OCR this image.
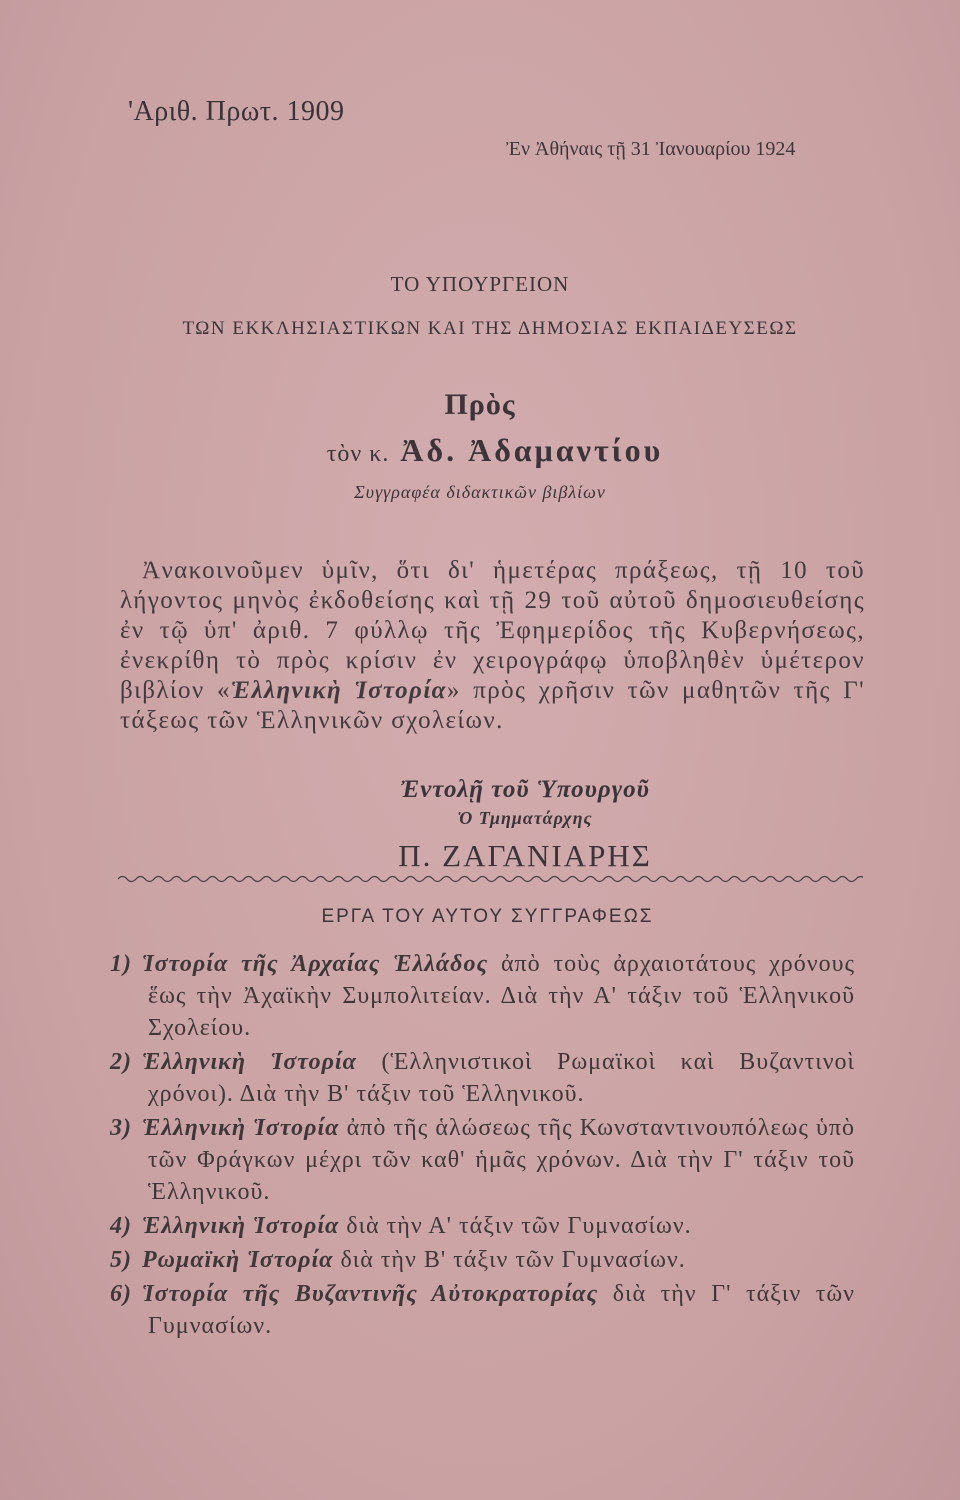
'Αριθ. Πρωτ. 1909
Ἐν Ἀθήναις τῇ 31 Ἰανουαρίου 1924
ΤΟ ΥΠΟΥΡΓΕΙΟΝ
ΤΩΝ ΕΚΚΛΗΣΙΑΣΤΙΚΩΝ ΚΑΙ ΤΗΣ ΔΗΜΟΣΙΑΣ ΕΚΠΑΙΔΕΥΣΕΩΣ
Πρὸς
τὸν κ. Ἀδ. Ἀδαμαντίου
Συγγραφέα διδακτικῶν βιβλίων

Ἀνακοινοῦμεν ὑμῖν, ὅτι δι' ἡμετέρας πράξεως, τῇ 10 τοῦ λήγοντος μηνὸς ἐκδοθείσης καὶ τῇ 29 τοῦ αὐτοῦ δημοσιευθείσης ἐν τῷ ὑπ' ἀριθ. 7 φύλλῳ τῆς Ἐφημερίδος τῆς Κυβερνήσεως, ἐνεκρίθη τὸ πρὸς κρίσιν ἐν χειρογράφῳ ὑποβληθὲν ὑμέτερον βιβλίον «Ἑλληνικὴ Ἱστορία» πρὸς χρῆσιν τῶν μαθητῶν τῆς Γ' τάξεως τῶν Ἑλληνικῶν σχολείων.

Ἐντολῇ τοῦ Ὑπουργοῦ
Ὁ Τμηματάρχης
Π. ΖΑΓΑΝΙΑΡΗΣ
ΕΡΓΑ ΤΟΥ ΑΥΤΟΥ ΣΥΓΓΡΑΦΕΩΣ
1) Ἱστορία τῆς Ἀρχαίας Ἑλλάδος ἀπὸ τοὺς ἀρχαιοτάτους χρόνους ἕως τὴν Ἀχαϊκὴν Συμπολιτείαν. Διὰ τὴν Α' τάξιν τοῦ Ἑλληνικοῦ Σχολείου.
2) Ἑλληνικὴ Ἱστορία (Ἑλληνιστικοὶ Ρωμαϊκοὶ καὶ Βυζαντινοὶ χρόνοι). Διὰ τὴν Β' τάξιν τοῦ Ἑλληνικοῦ.
3) Ἑλληνικὴ Ἱστορία ἀπὸ τῆς ἁλώσεως τῆς Κωνσταντινουπόλεως ὑπὸ τῶν Φράγκων μέχρι τῶν καθ' ἡμᾶς χρόνων. Διὰ τὴν Γ' τάξιν τοῦ Ἑλληνικοῦ.
4) Ἑλληνικὴ Ἱστορία διὰ τὴν Α' τάξιν τῶν Γυμνασίων.
5) Ρωμαϊκὴ Ἱστορία διὰ τὴν Β' τάξιν τῶν Γυμνασίων.
6) Ἱστορία τῆς Βυζαντινῆς Αὐτοκρατορίας διὰ τὴν Γ' τάξιν τῶν Γυμνασίων.
